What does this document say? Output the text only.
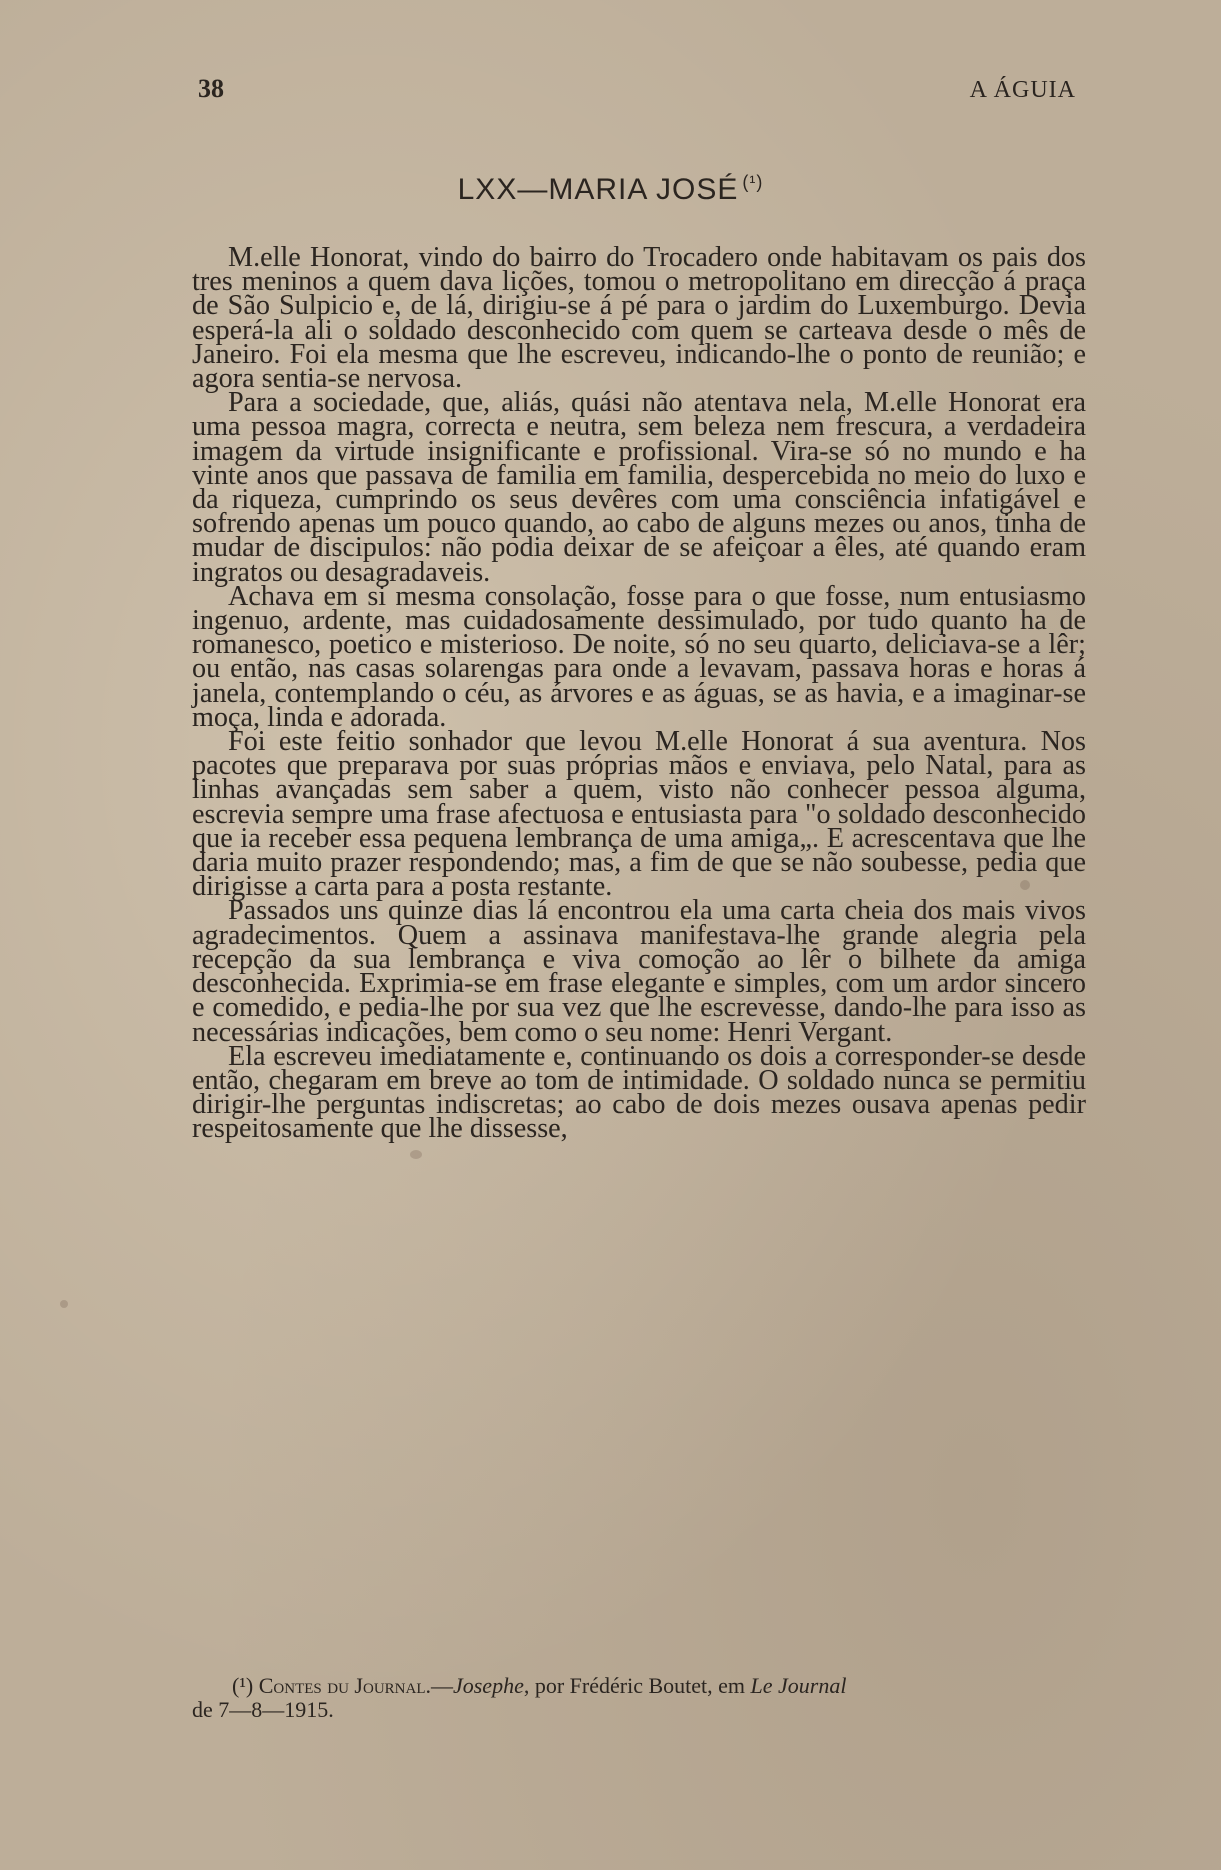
38	A ÁGUIA
LXX—MARIA JOSÉ $^{(^1)}$

M.elle Honorat, vindo do bairro do Trocadero onde habitavam os pais dos tres meninos a quem dava lições, tomou o metropolitano em direcção á praça de São Sulpicio e, de lá, dirigiu-se á pé para o jardim do Luxemburgo. Devia esperá-la ali o soldado desconhecido com quem se carteava desde o mês de Janeiro. Foi ela mesma que lhe escreveu, indicando-lhe o ponto de reunião; e agora sentia-se nervosa.

Para a sociedade, que, aliás, quási não atentava nela, M.elle Honorat era uma pessoa magra, correcta e neutra, sem beleza nem frescura, a verdadeira imagem da virtude insignificante e profissional. Vira-se só no mundo e ha vinte anos que passava de familia em familia, despercebida no meio do luxo e da riqueza, cumprindo os seus devêres com uma consciência infatigável e sofrendo apenas um pouco quando, ao cabo de alguns mezes ou anos, tinha de mudar de discipulos: não podia deixar de se afeiçoar a êles, até quando eram ingratos ou desagradaveis.

Achava em si mesma consolação, fosse para o que fosse, num entusiasmo ingenuo, ardente, mas cuidadosamente dessimulado, por tudo quanto ha de romanesco, poetico e misterioso. De noite, só no seu quarto, deliciava-se a lêr; ou então, nas casas solarengas para onde a levavam, passava horas e horas á janela, contemplando o céu, as árvores e as águas, se as havia, e a imaginar-se moça, linda e adorada.

Foi este feitio sonhador que levou M.elle Honorat á sua aventura. Nos pacotes que preparava por suas próprias mãos e enviava, pelo Natal, para as linhas avançadas sem saber a quem, visto não conhecer pessoa alguma, escrevia sempre uma frase afectuosa e entusiasta para "o soldado desconhecido que ia receber essa pequena lembrança de uma amiga„. E acrescentava que lhe daria muito prazer respondendo; mas, a fim de que se não soubesse, pedia que dirigisse a carta para a posta restante.

Passados uns quinze dias lá encontrou ela uma carta cheia dos mais vivos agradecimentos. Quem a assinava manifestava-lhe grande alegria pela recepção da sua lembrança e viva comoção ao lêr o bilhete da amiga desconhecida. Exprimia-se em frase elegante e simples, com um ardor sincero e comedido, e pedia-lhe por sua vez que lhe escrevesse, dando-lhe para isso as necessárias indicações, bem como o seu nome: Henri Vergant.

Ela escreveu imediatamente e, continuando os dois a corresponder-se desde então, chegaram em breve ao tom de intimidade. O soldado nunca se permitiu dirigir-lhe perguntas indiscretas; ao cabo de dois mezes ousava apenas pedir respeitosamente que lhe dissesse,

(¹) Contes du Journal.—Josephe, por Frédéric Boutet, em Le Journal
de 7—8—1915.
